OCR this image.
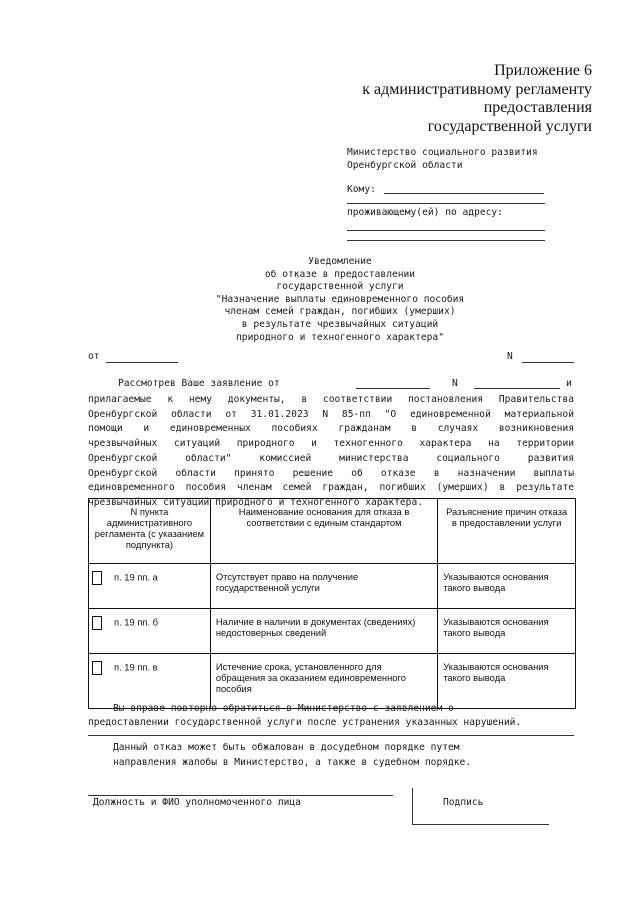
Приложение 6
к административному регламенту
предоставления
государственной услуги
Министерство социального развития
Оренбургской области
Кому:
проживающему(ей) по адресу:
Уведомление
об отказе в предоставлении
государственной услуги
"Назначение выплаты единовременного пособия
членам семей граждан, погибших (умерших)
в результате чрезвычайных ситуаций
природного и техногенного характера"
от	N
Рассмотрев Ваше заявление от	N	и
прилагаемые к нему документы, в соответствии постановления Правительства
Оренбургской области от 31.01.2023 N 85-пп "О единовременной материальной
помощи и единовременных пособиях гражданам в случаях возникновения
чрезвычайных ситуаций природного и техногенного характера на территории
Оренбургской области" комиссией министерства социального развития
Оренбургской области принято решение об отказе в назначении выплаты
единовременного пособия членам семей граждан, погибших (умерших) в результате
чрезвычайных ситуаций природного и техногенного характера.
N пункта административного регламента (с указанием подпункта)	Наименование основания для отказа в соответствии с единым стандартом	Разъяснение причин отказа в предоставлении услуги
п. 19 пп. а	Отсутствует право на получение государственной услуги	Указываются основания такого вывода
п. 19 пп. б	Наличие в наличии в документах (сведениях) недостоверных сведений	Указываются основания такого вывода
п. 19 пп. в	Истечение срока, установленного для обращения за оказанием единовременного пособия	Указываются основания такого вывода
Вы вправе повторно обратиться в Министерство с заявлением о
предоставлении государственной услуги после устранения указанных нарушений.
Данный отказ может быть обжалован в досудебном порядке путем
направления жалобы в Министерство, а также в судебном порядке.
Должность и ФИО уполномоченного лица	Подпись
